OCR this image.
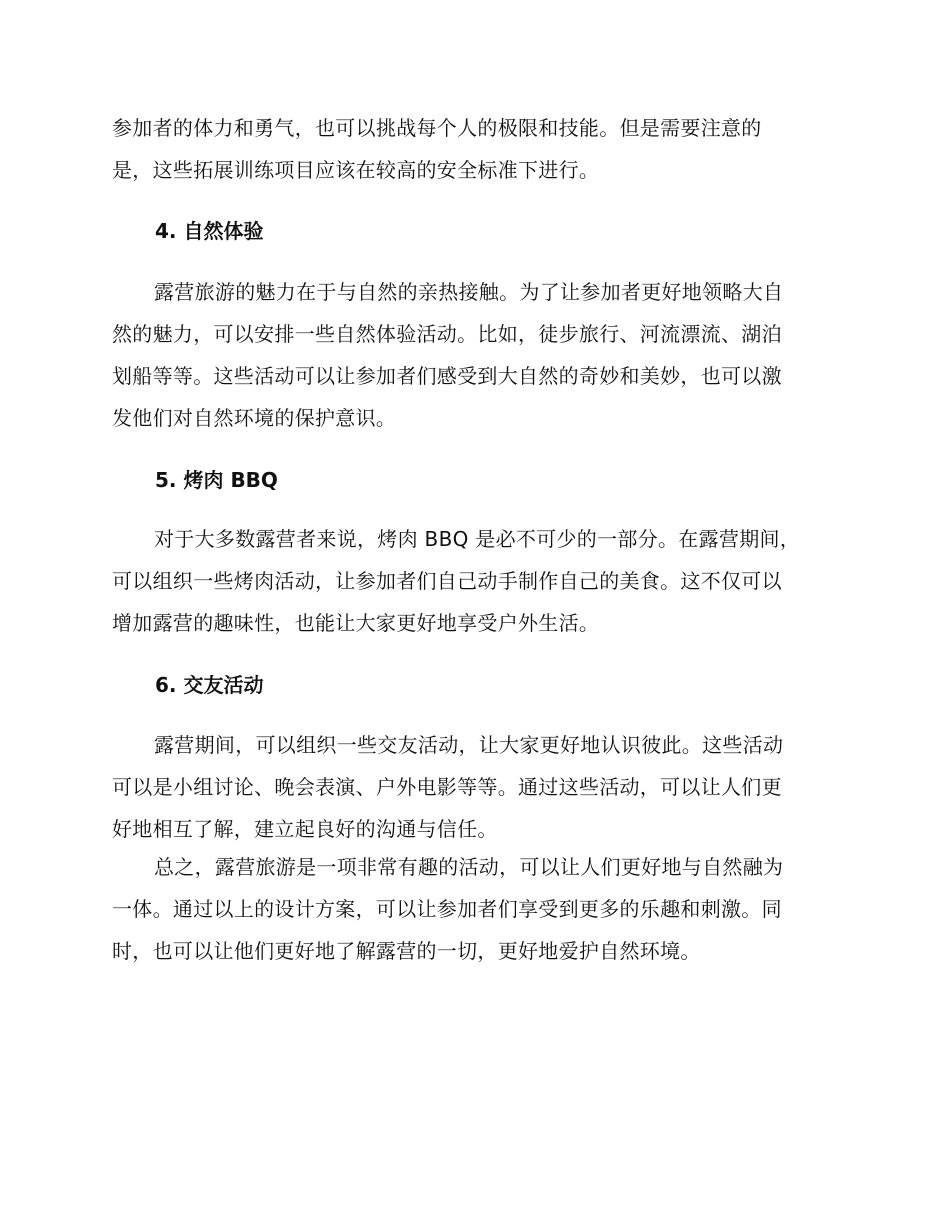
参加者的体力和勇气，也可以挑战每个人的极限和技能。但是需要注意的
是，这些拓展训练项目应该在较高的安全标准下进行。
4. 自然体验
露营旅游的魅力在于与自然的亲热接触。为了让参加者更好地领略大自
然的魅力，可以安排一些自然体验活动。比如，徒步旅行、河流漂流、湖泊
划船等等。这些活动可以让参加者们感受到大自然的奇妙和美妙，也可以激
发他们对自然环境的保护意识。
5. 烤肉 BBQ
对于大多数露营者来说，烤肉 BBQ 是必不可少的一部分。在露营期间，
可以组织一些烤肉活动，让参加者们自己动手制作自己的美食。这不仅可以
增加露营的趣味性，也能让大家更好地享受户外生活。
6. 交友活动
露营期间，可以组织一些交友活动，让大家更好地认识彼此。这些活动
可以是小组讨论、晚会表演、户外电影等等。通过这些活动，可以让人们更
好地相互了解，建立起良好的沟通与信任。
总之，露营旅游是一项非常有趣的活动，可以让人们更好地与自然融为
一体。通过以上的设计方案，可以让参加者们享受到更多的乐趣和刺激。同
时，也可以让他们更好地了解露营的一切，更好地爱护自然环境。
